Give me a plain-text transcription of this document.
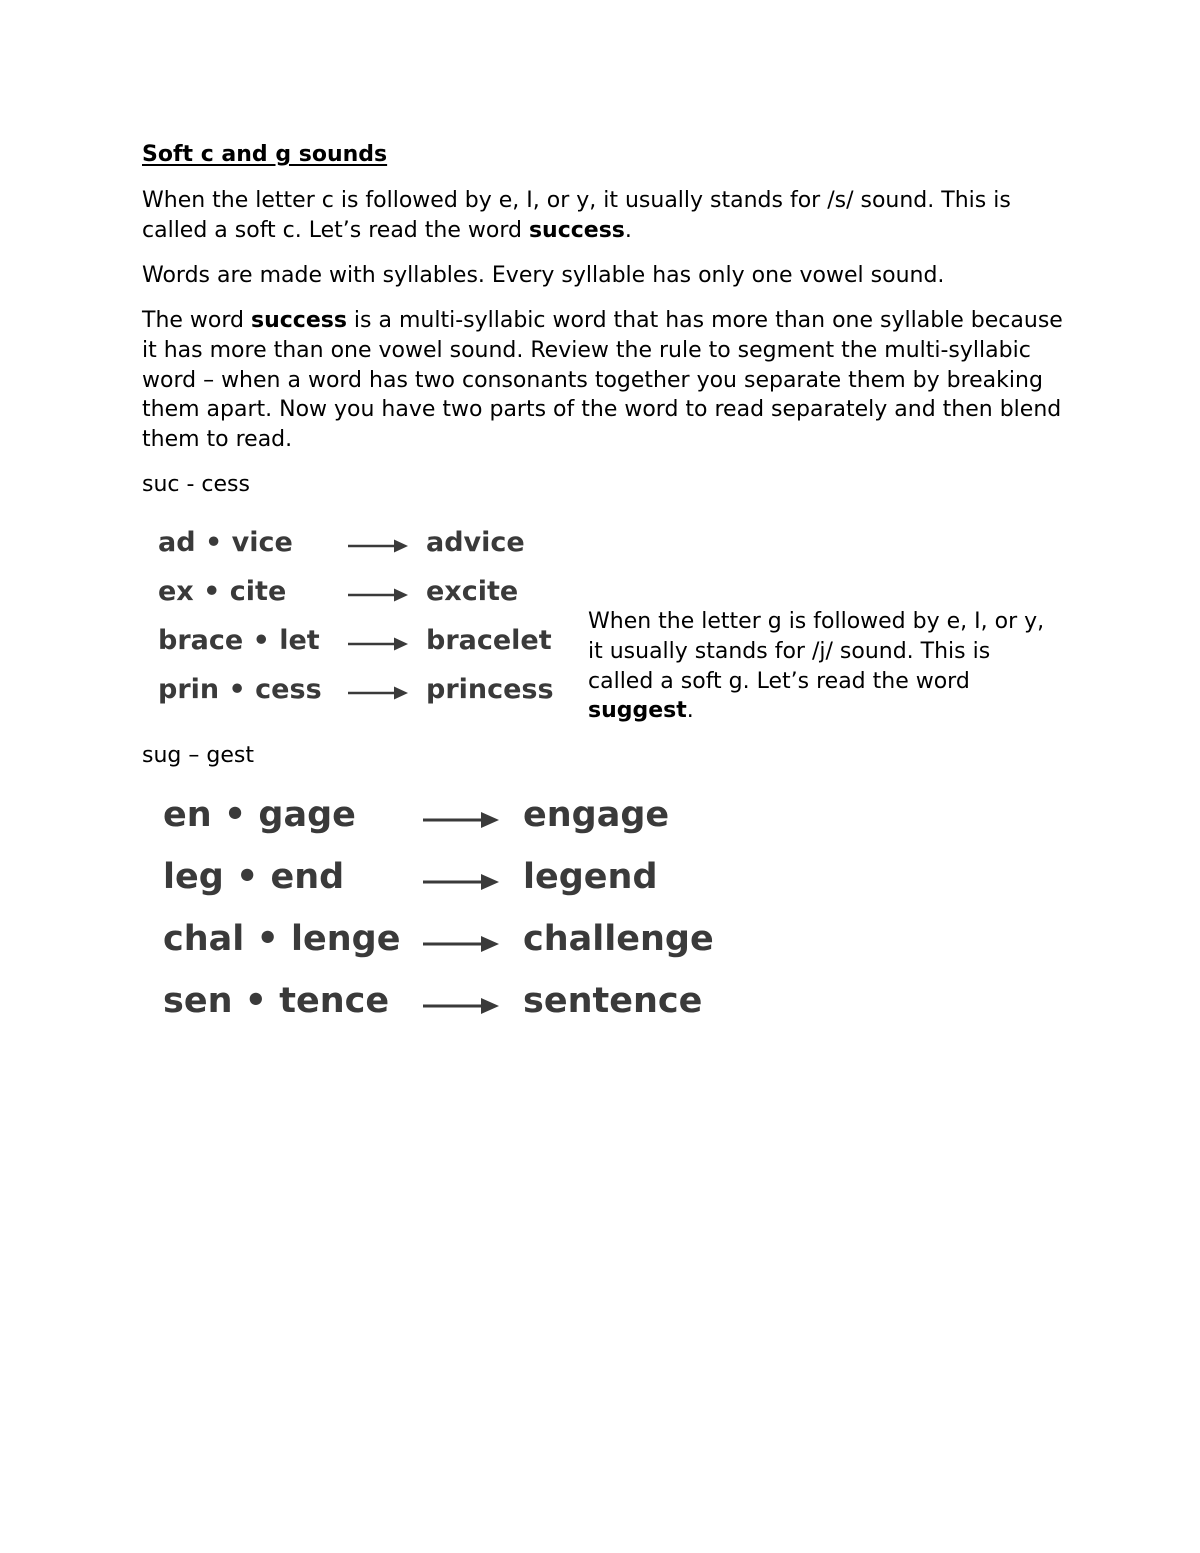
Soft c and g sounds

When the letter c is followed by e, I, or y, it usually stands for /s/ sound. This is called a soft c. Let’s read the word success.

Words are made with syllables. Every syllable has only one vowel sound.

The word success is a multi-syllabic word that has more than one syllable because it has more than one vowel sound. Review the rule to segment the multi-syllabic word – when a word has two consonants together you separate them by breaking them apart. Now you have two parts of the word to read separately and then blend them to read.

suc - cess

ad • vice	advice
ex • cite	excite
brace • let	bracelet
prin • cess	princess

When the letter g is followed by e, I, or y, it usually stands for /j/ sound. This is called a soft g. Let’s read the word suggest.

sug – gest

en • gage	engage
leg • end	legend
chal • lenge	challenge
sen • tence	sentence
